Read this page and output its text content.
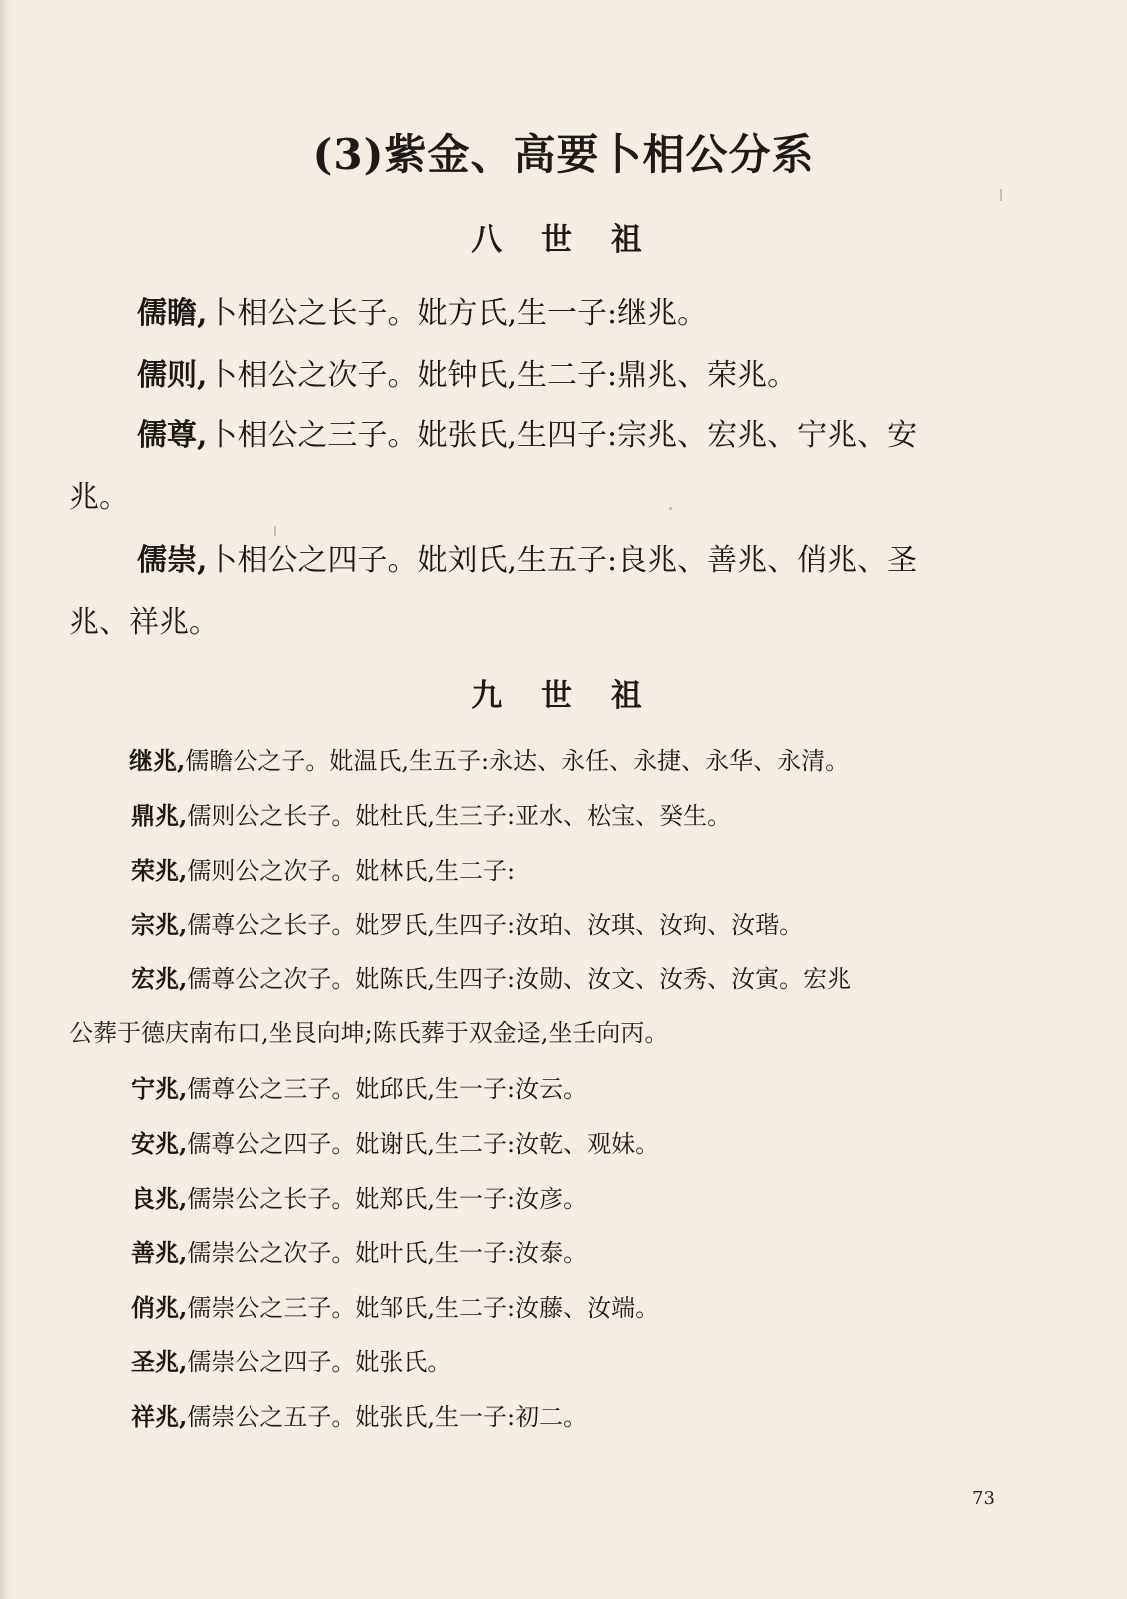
(3)紫金、高要卜相公分系
八 世 祖
儒瞻,卜相公之长子。妣方氏,生一子:继兆。
儒则,卜相公之次子。妣钟氏,生二子:鼎兆、荣兆。
儒尊,卜相公之三子。妣张氏,生四子:宗兆、宏兆、宁兆、安
兆。
儒崇,卜相公之四子。妣刘氏,生五子:良兆、善兆、俏兆、圣
兆、祥兆。
九 世 祖
继兆,儒瞻公之子。妣温氏,生五子:永达、永任、永捷、永华、永清。
鼎兆,儒则公之长子。妣杜氏,生三子:亚水、松宝、癸生。
荣兆,儒则公之次子。妣林氏,生二子:
宗兆,儒尊公之长子。妣罗氏,生四子:汝珀、汝琪、汝玽、汝瑎。
宏兆,儒尊公之次子。妣陈氏,生四子:汝勋、汝文、汝秀、汝寅。宏兆
公葬于德庆南布口,坐艮向坤;陈氏葬于双金迳,坐壬向丙。
宁兆,儒尊公之三子。妣邱氏,生一子:汝云。
安兆,儒尊公之四子。妣谢氏,生二子:汝乾、观妹。
良兆,儒崇公之长子。妣郑氏,生一子:汝彦。
善兆,儒崇公之次子。妣叶氏,生一子:汝泰。
俏兆,儒崇公之三子。妣邹氏,生二子:汝藤、汝端。
圣兆,儒崇公之四子。妣张氏。
祥兆,儒崇公之五子。妣张氏,生一子:初二。
73
